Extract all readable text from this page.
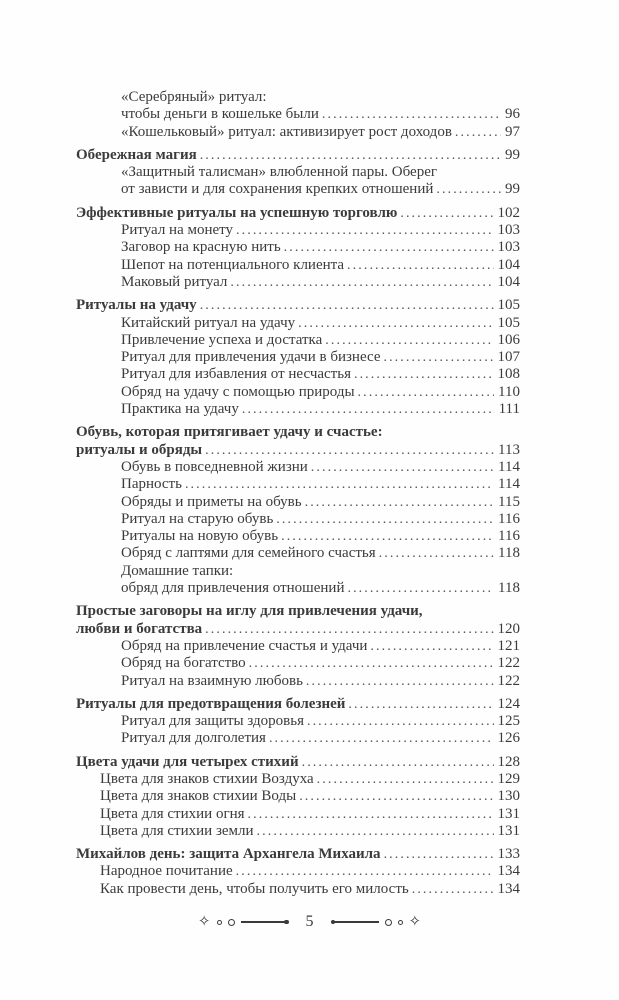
«Серебряный» ритуал:
чтобы деньги в кошельке были .....	96
«Кошельковый» ритуал: активизирует рост доходов .....	97
Обережная магия .....	99
«Защитный талисман» влюбленной пары. Оберег
от зависти и для сохранения крепких отношений .....	99
Эффективные ритуалы на успешную торговлю .....	102
Ритуал на монету .....	103
Заговор на красную нить .....	103
Шепот на потенциального клиента .....	104
Маковый ритуал .....	104
Ритуалы на удачу .....	105
Китайский ритуал на удачу .....	105
Привлечение успеха и достатка .....	106
Ритуал для привлечения удачи в бизнесе .....	107
Ритуал для избавления от несчастья .....	108
Обряд на удачу с помощью природы .....	110
Практика на удачу .....	111
Обувь, которая притягивает удачу и счастье:
ритуалы и обряды .....	113
Обувь в повседневной жизни .....	114
Парность .....	114
Обряды и приметы на обувь .....	115
Ритуал на старую обувь .....	116
Ритуалы на новую обувь .....	116
Обряд с лаптями для семейного счастья .....	118
Домашние тапки:
обряд для привлечения отношений .....	118
Простые заговоры на иглу для привлечения удачи,
любви и богатства .....	120
Обряд на привлечение счастья и удачи .....	121
Обряд на богатство .....	122
Ритуал на взаимную любовь .....	122
Ритуалы для предотвращения болезней .....	124
Ритуал для защиты здоровья .....	125
Ритуал для долголетия .....	126
Цвета удачи для четырех стихий .....	128
Цвета для знаков стихии Воздуха .....	129
Цвета для знаков стихии Воды .....	130
Цвета для стихии огня .....	131
Цвета для стихии земли .....	131
Михайлов день: защита Архангела Михаила .....	133
Народное почитание .....	134
Как провести день, чтобы получить его милость .....	134
✧	5	✧
